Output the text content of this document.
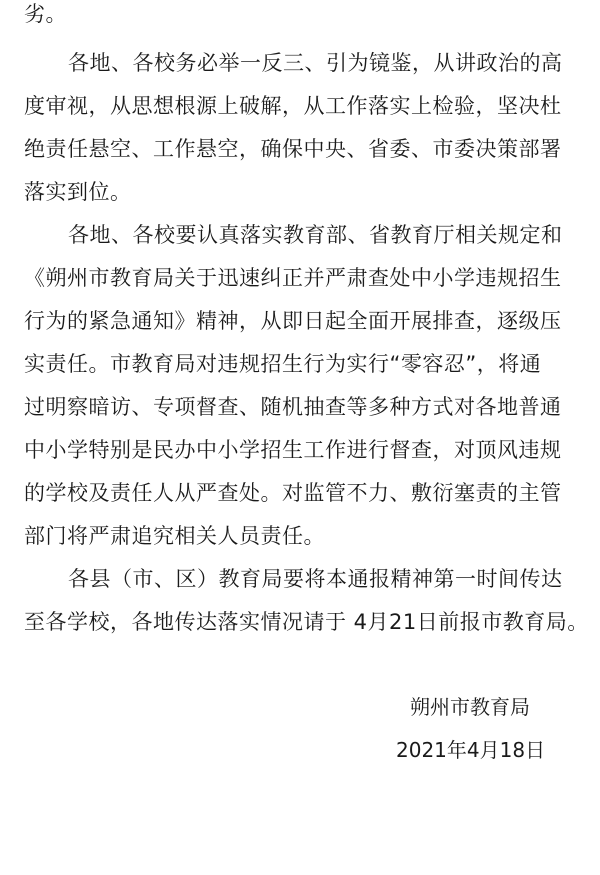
劣。
各地、各校务必举一反三、引为镜鉴，从讲政治的高
度审视，从思想根源上破解，从工作落实上检验，坚决杜
绝责任悬空、工作悬空，确保中央、省委、市委决策部署
落实到位。
各地、各校要认真落实教育部、省教育厅相关规定和
《朔州市教育局关于迅速纠正并严肃查处中小学违规招生
行为的紧急通知》精神，从即日起全面开展排查，逐级压
实责任。市教育局对违规招生行为实行“零容忍”，将通
过明察暗访、专项督查、随机抽查等多种方式对各地普通
中小学特别是民办中小学招生工作进行督查，对顶风违规
的学校及责任人从严查处。对监管不力、敷衍塞责的主管
部门将严肃追究相关人员责任。
各县（市、区）教育局要将本通报精神第一时间传达
至各学校，各地传达落实情况请于 4月21日前报市教育局。
朔州市教育局
2021年4月18日
